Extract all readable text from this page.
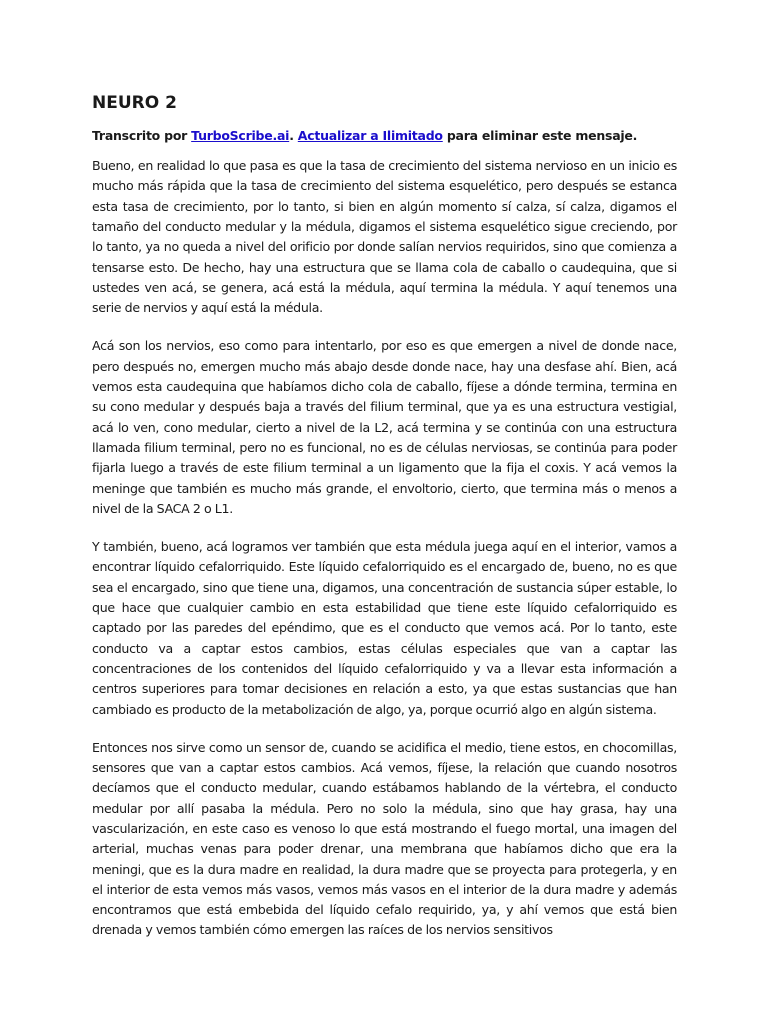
NEURO 2

Transcrito por TurboScribe.ai. Actualizar a Ilimitado para eliminar este mensaje.

Bueno, en realidad lo que pasa es que la tasa de crecimiento del sistema nervioso en un inicio es mucho más rápida que la tasa de crecimiento del sistema esquelético, pero después se estanca esta tasa de crecimiento, por lo tanto, si bien en algún momento sí calza, sí calza, digamos el tamaño del conducto medular y la médula, digamos el sistema esquelético sigue creciendo, por lo tanto, ya no queda a nivel del orificio por donde salían nervios requiridos, sino que comienza a tensarse esto. De hecho, hay una estructura que se llama cola de caballo o caudequina, que si ustedes ven acá, se genera, acá está la médula, aquí termina la médula. Y aquí tenemos una serie de nervios y aquí está la médula.

Acá son los nervios, eso como para intentarlo, por eso es que emergen a nivel de donde nace, pero después no, emergen mucho más abajo desde donde nace, hay una desfase ahí. Bien, acá vemos esta caudequina que habíamos dicho cola de caballo, fíjese a dónde termina, termina en su cono medular y después baja a través del filium terminal, que ya es una estructura vestigial, acá lo ven, cono medular, cierto a nivel de la L2, acá termina y se continúa con una estructura llamada filium terminal, pero no es funcional, no es de células nerviosas, se continúa para poder fijarla luego a través de este filium terminal a un ligamento que la fija el coxis. Y acá vemos la meninge que también es mucho más grande, el envoltorio, cierto, que termina más o menos a nivel de la SACA 2 o L1.

Y también, bueno, acá logramos ver también que esta médula juega aquí en el interior, vamos a encontrar líquido cefalorriquido. Este líquido cefalorriquido es el encargado de, bueno, no es que sea el encargado, sino que tiene una, digamos, una concentración de sustancia súper estable, lo que hace que cualquier cambio en esta estabilidad que tiene este líquido cefalorriquido es captado por las paredes del epéndimo, que es el conducto que vemos acá. Por lo tanto, este conducto va a captar estos cambios, estas células especiales que van a captar las concentraciones de los contenidos del líquido cefalorriquido y va a llevar esta información a centros superiores para tomar decisiones en relación a esto, ya que estas sustancias que han cambiado es producto de la metabolización de algo, ya, porque ocurrió algo en algún sistema.

Entonces nos sirve como un sensor de, cuando se acidifica el medio, tiene estos, en chocomillas, sensores que van a captar estos cambios. Acá vemos, fíjese, la relación que cuando nosotros decíamos que el conducto medular, cuando estábamos hablando de la vértebra, el conducto medular por allí pasaba la médula. Pero no solo la médula, sino que hay grasa, hay una vascularización, en este caso es venoso lo que está mostrando el fuego mortal, una imagen del arterial, muchas venas para poder drenar, una membrana que habíamos dicho que era la meningi, que es la dura madre en realidad, la dura madre que se proyecta para protegerla, y en el interior de esta vemos más vasos, vemos más vasos en el interior de la dura madre y además encontramos que está embebida del líquido cefalo requirido, ya, y ahí vemos que está bien drenada y vemos también cómo emergen las raíces de los nervios sensitivos
